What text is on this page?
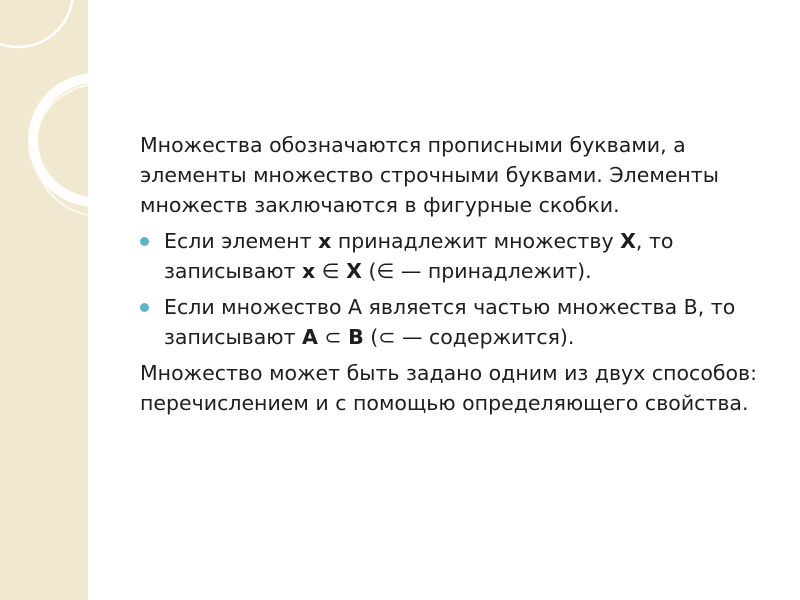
Множества обозначаются прописными буквами, а элементы множество строчными буквами. Элементы множеств заключаются в фигурные скобки.

Если элемент x принадлежит множеству X, то записывают x ∈ X (∈ — принадлежит).
Если множество А является частью множества В, то записывают А ⊂ В (⊂ — содержится).

Множество может быть задано одним из двух способов: перечислением и с помощью определяющего свойства.
